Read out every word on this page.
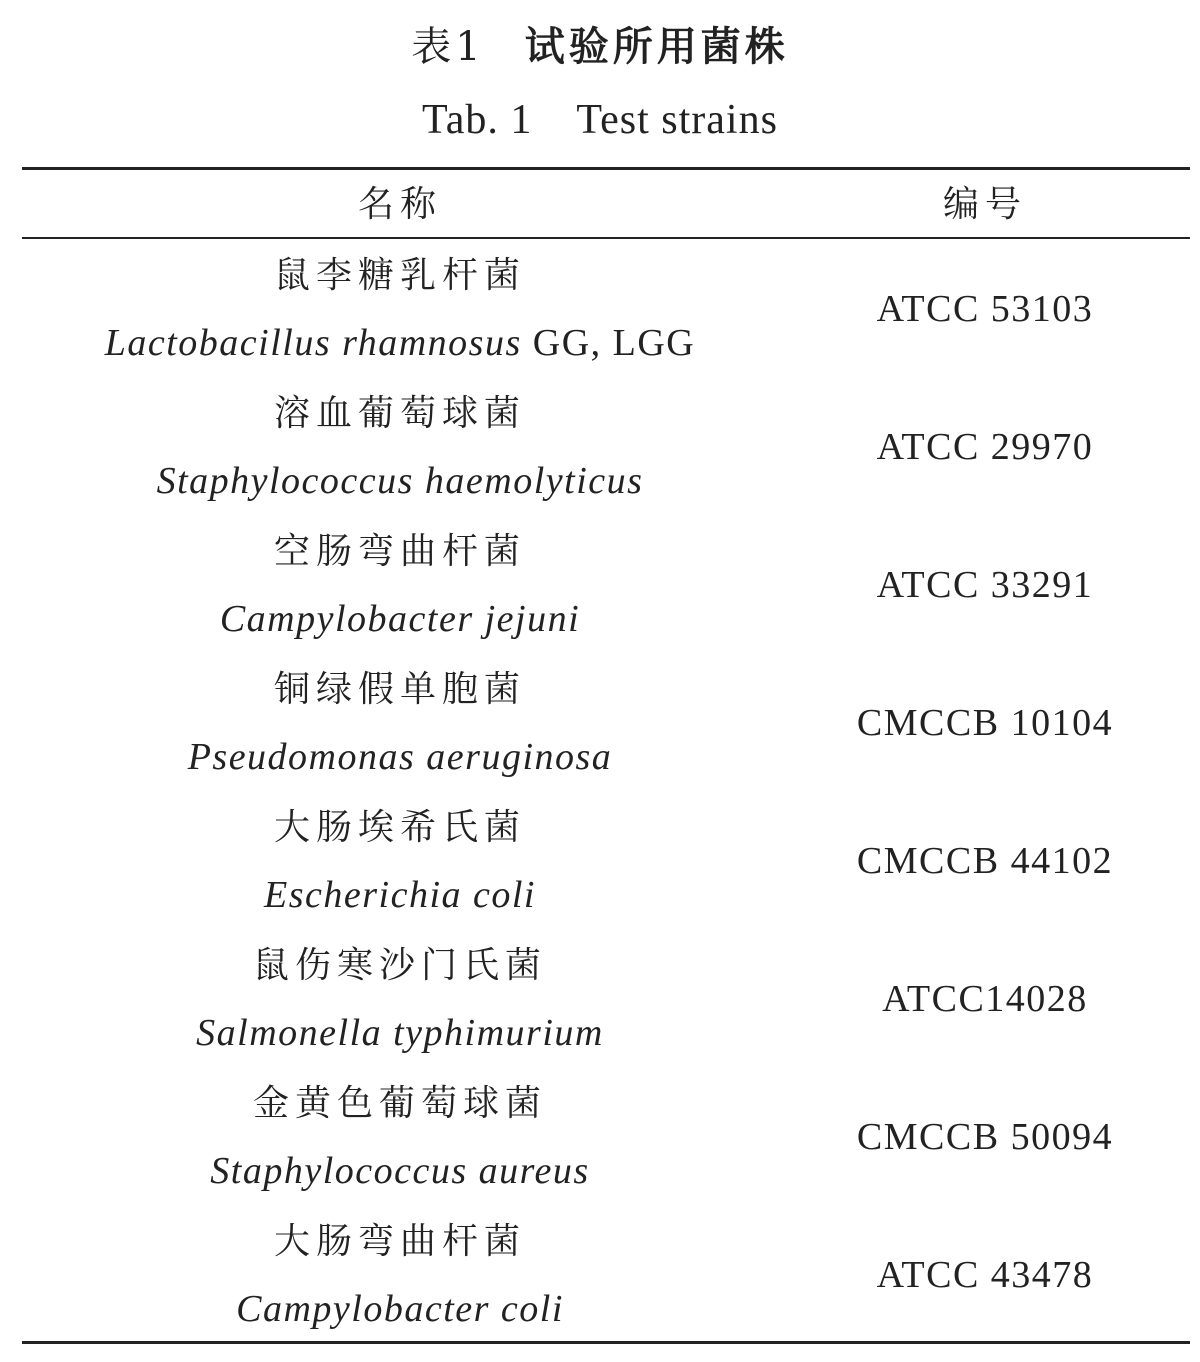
表1 试验所用菌株
Tab. 1 Test strains
名称	编号
鼠李糖乳杆菌
Lactobacillus rhamnosus GG, LGG
ATCC 53103
溶血葡萄球菌
Staphylococcus haemolyticus
ATCC 29970
空肠弯曲杆菌
Campylobacter jejuni
ATCC 33291
铜绿假单胞菌
Pseudomonas aeruginosa
CMCCB 10104
大肠埃希氏菌
Escherichia coli
CMCCB 44102
鼠伤寒沙门氏菌
Salmonella typhimurium
ATCC14028
金黄色葡萄球菌
Staphylococcus aureus
CMCCB 50094
大肠弯曲杆菌
Campylobacter coli
ATCC 43478
